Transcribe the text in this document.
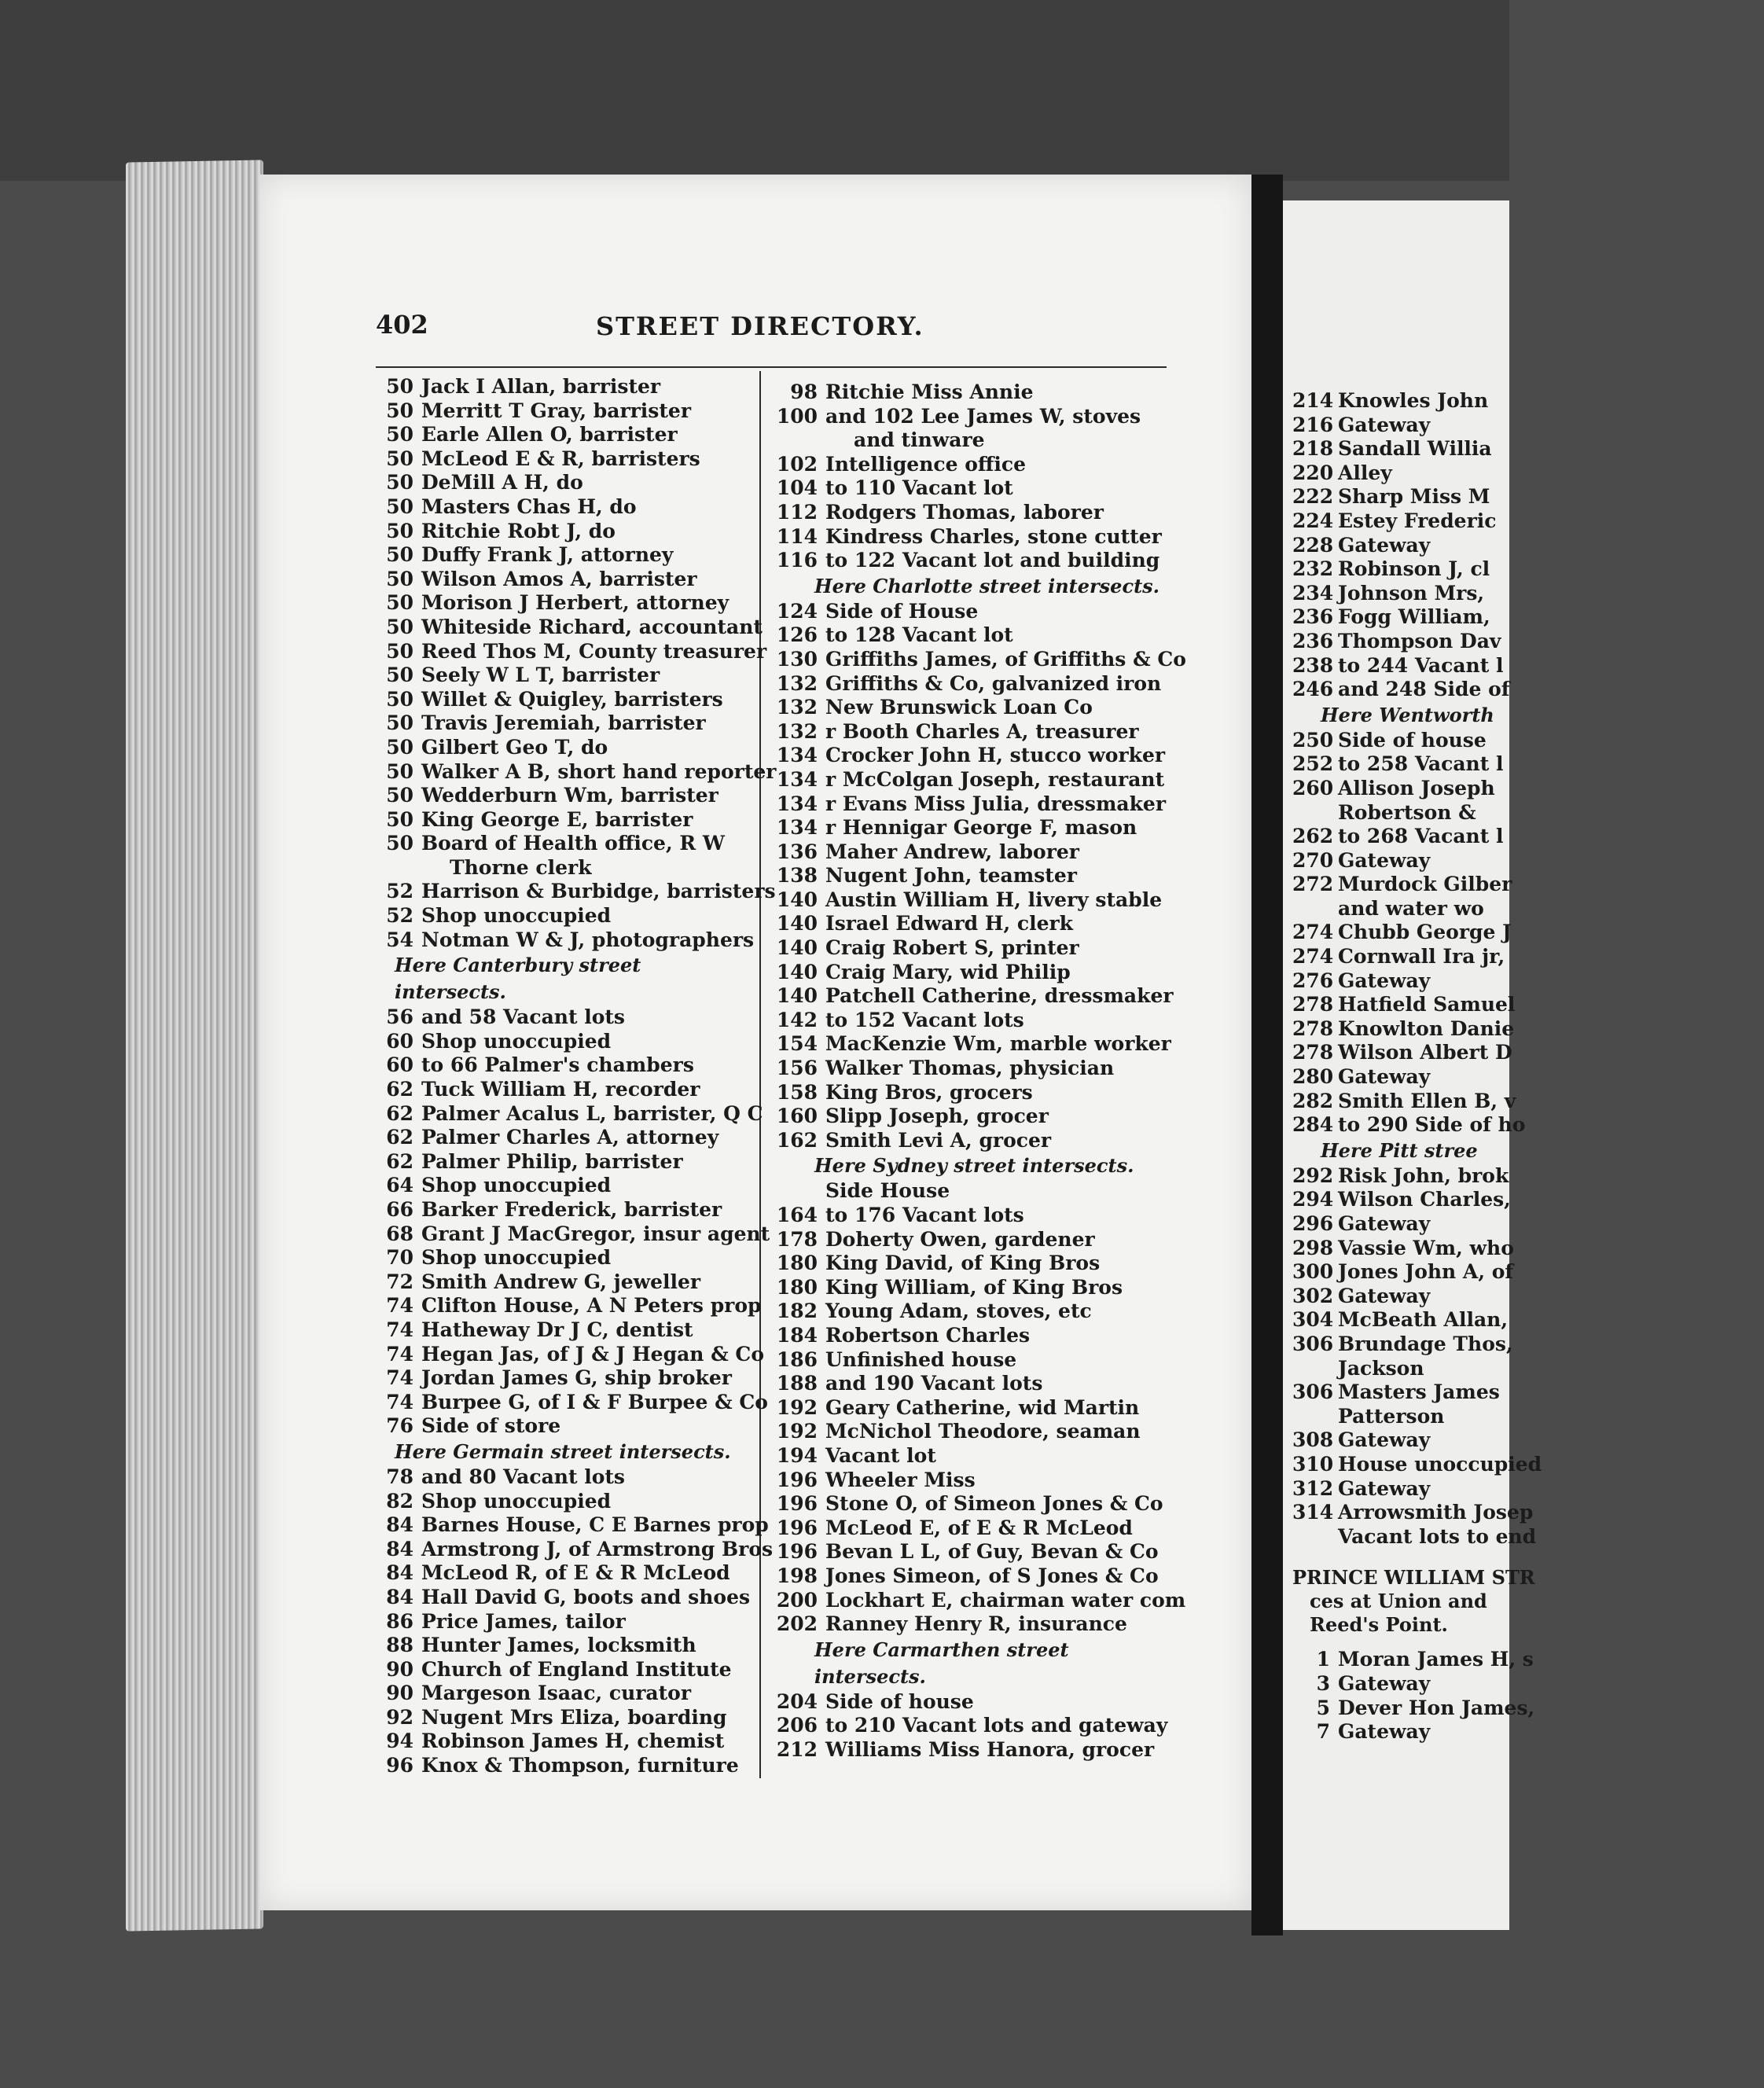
402	STREET DIRECTORY.
50 Jack I Allan, barrister
50 Merritt T Gray, barrister
50 Earle Allen O, barrister
50 McLeod E & R, barristers
50 DeMill A H, do
50 Masters Chas H, do
50 Ritchie Robt J, do
50 Duffy Frank J, attorney
50 Wilson Amos A, barrister
50 Morison J Herbert, attorney
50 Whiteside Richard, accountant
50 Reed Thos M, County treasurer
50 Seely W L T, barrister
50 Willet & Quigley, barristers
50 Travis Jeremiah, barrister
50 Gilbert Geo T, do
50 Walker A B, short hand reporter
50 Wedderburn Wm, barrister
50 King George E, barrister
50 Board of Health office, R W
Thorne clerk
52 Harrison & Burbidge, barristers
52 Shop unoccupied
54 Notman W & J, photographers
Here Canterbury street intersects.
56 and 58 Vacant lots
60 Shop unoccupied
60 to 66 Palmer's chambers
62 Tuck William H, recorder
62 Palmer Acalus L, barrister, Q C
62 Palmer Charles A, attorney
62 Palmer Philip, barrister
64 Shop unoccupied
66 Barker Frederick, barrister
68 Grant J MacGregor, insur agent
70 Shop unoccupied
72 Smith Andrew G, jeweller
74 Clifton House, A N Peters prop
74 Hatheway Dr J C, dentist
74 Hegan Jas, of J & J Hegan & Co
74 Jordan James G, ship broker
74 Burpee G, of I & F Burpee & Co
76 Side of store
Here Germain street intersects.
78 and 80 Vacant lots
82 Shop unoccupied
84 Barnes House, C E Barnes prop
84 Armstrong J, of Armstrong Bros
84 McLeod R, of E & R McLeod
84 Hall David G, boots and shoes
86 Price James, tailor
88 Hunter James, locksmith
90 Church of England Institute
90 Margeson Isaac, curator
92 Nugent Mrs Eliza, boarding
94 Robinson James H, chemist
96 Knox & Thompson, furniture
98 Ritchie Miss Annie
100 and 102 Lee James W, stoves
and tinware
102 Intelligence office
104 to 110 Vacant lot
112 Rodgers Thomas, laborer
114 Kindress Charles, stone cutter
116 to 122 Vacant lot and building
Here Charlotte street intersects.
124 Side of House
126 to 128 Vacant lot
130 Griffiths James, of Griffiths & Co
132 Griffiths & Co, galvanized iron
132 New Brunswick Loan Co
132 r Booth Charles A, treasurer
134 Crocker John H, stucco worker
134 r McColgan Joseph, restaurant
134 r Evans Miss Julia, dressmaker
134 r Hennigar George F, mason
136 Maher Andrew, laborer
138 Nugent John, teamster
140 Austin William H, livery stable
140 Israel Edward H, clerk
140 Craig Robert S, printer
140 Craig Mary, wid Philip
140 Patchell Catherine, dressmaker
142 to 152 Vacant lots
154 MacKenzie Wm, marble worker
156 Walker Thomas, physician
158 King Bros, grocers
160 Slipp Joseph, grocer
162 Smith Levi A, grocer
Here Sydney street intersects.
Side House
164 to 176 Vacant lots
178 Doherty Owen, gardener
180 King David, of King Bros
180 King William, of King Bros
182 Young Adam, stoves, etc
184 Robertson Charles
186 Unfinished house
188 and 190 Vacant lots
192 Geary Catherine, wid Martin
192 McNichol Theodore, seaman
194 Vacant lot
196 Wheeler Miss
196 Stone O, of Simeon Jones & Co
196 McLeod E, of E & R McLeod
196 Bevan L L, of Guy, Bevan & Co
198 Jones Simeon, of S Jones & Co
200 Lockhart E, chairman water com
202 Ranney Henry R, insurance
Here Carmarthen street intersects.
204 Side of house
206 to 210 Vacant lots and gateway
212 Williams Miss Hanora, grocer
214 Knowles John
216 Gateway
218 Sandall Willia
220 Alley
222 Sharp Miss M
224 Estey Frederic
228 Gateway
232 Robinson J, cl
234 Johnson Mrs,
236 Fogg William,
236 Thompson Dav
238 to 244 Vacant l
246 and 248 Side of
Here Wentworth
250 Side of house
252 to 258 Vacant l
260 Allison Joseph
Robertson &
262 to 268 Vacant l
270 Gateway
272 Murdock Gilber
and water wo
274 Chubb George J
274 Cornwall Ira jr,
276 Gateway
278 Hatfield Samuel
278 Knowlton Danie
278 Wilson Albert D
280 Gateway
282 Smith Ellen B, v
284 to 290 Side of ho
Here Pitt stree
292 Risk John, brok
294 Wilson Charles,
296 Gateway
298 Vassie Wm, who
300 Jones John A, of
302 Gateway
304 McBeath Allan,
306 Brundage Thos,
Jackson
306 Masters James
Patterson
308 Gateway
310 House unoccupied
312 Gateway
314 Arrowsmith Josep
Vacant lots to end
PRINCE WILLIAM STR
ces at Union and
Reed's Point.
1 Moran James H, s
3 Gateway
5 Dever Hon James,
7 Gateway
